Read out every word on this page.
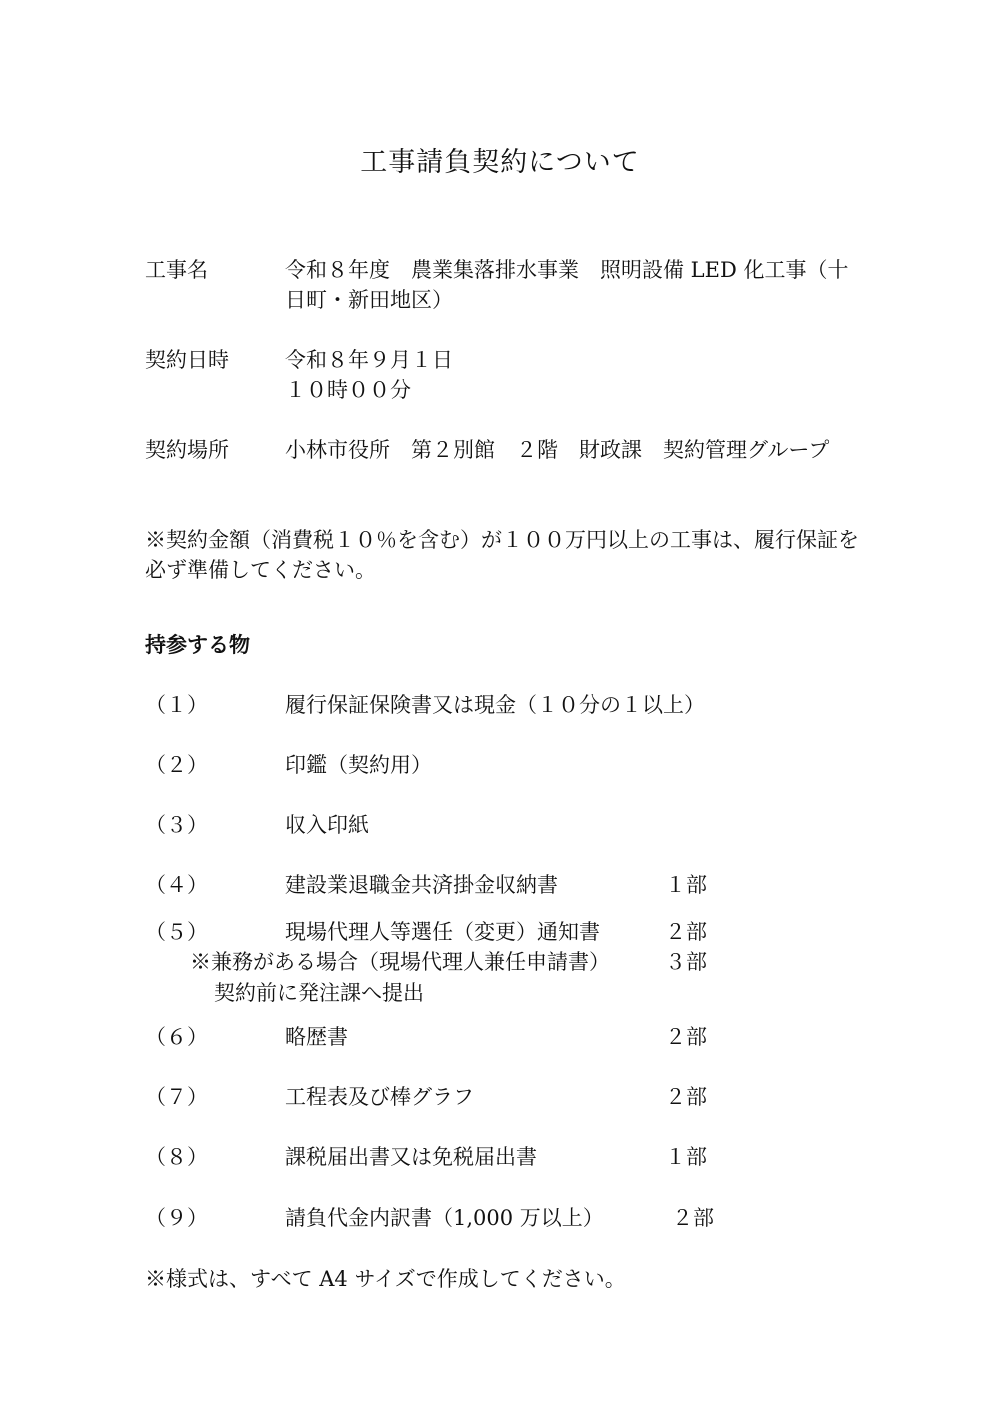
工事請負契約について
工事名	令和８年度　農業集落排水事業　照明設備 LED 化工事（十日町・新田地区）
契約日時	令和８年９月１日
１０時００分
契約場所	小林市役所　第２別館　２階　財政課　契約管理グループ
※契約金額（消費税１０％を含む）が１００万円以上の工事は、履行保証を必ず準備してください。
持参する物
（１）	履行保証保険書又は現金（１０分の１以上）
（２）	印鑑（契約用）
（３）	収入印紙
（４）	建設業退職金共済掛金収納書	１部
（５）	現場代理人等選任（変更）通知書	２部
※兼務がある場合（現場代理人兼任申請書）	３部
契約前に発注課へ提出
（６）	略歴書	２部
（７）	工程表及び棒グラフ	２部
（８）	課税届出書又は免税届出書	１部
（９）	請負代金内訳書（1,000 万以上）	２部
※様式は、すべて A4 サイズで作成してください。
